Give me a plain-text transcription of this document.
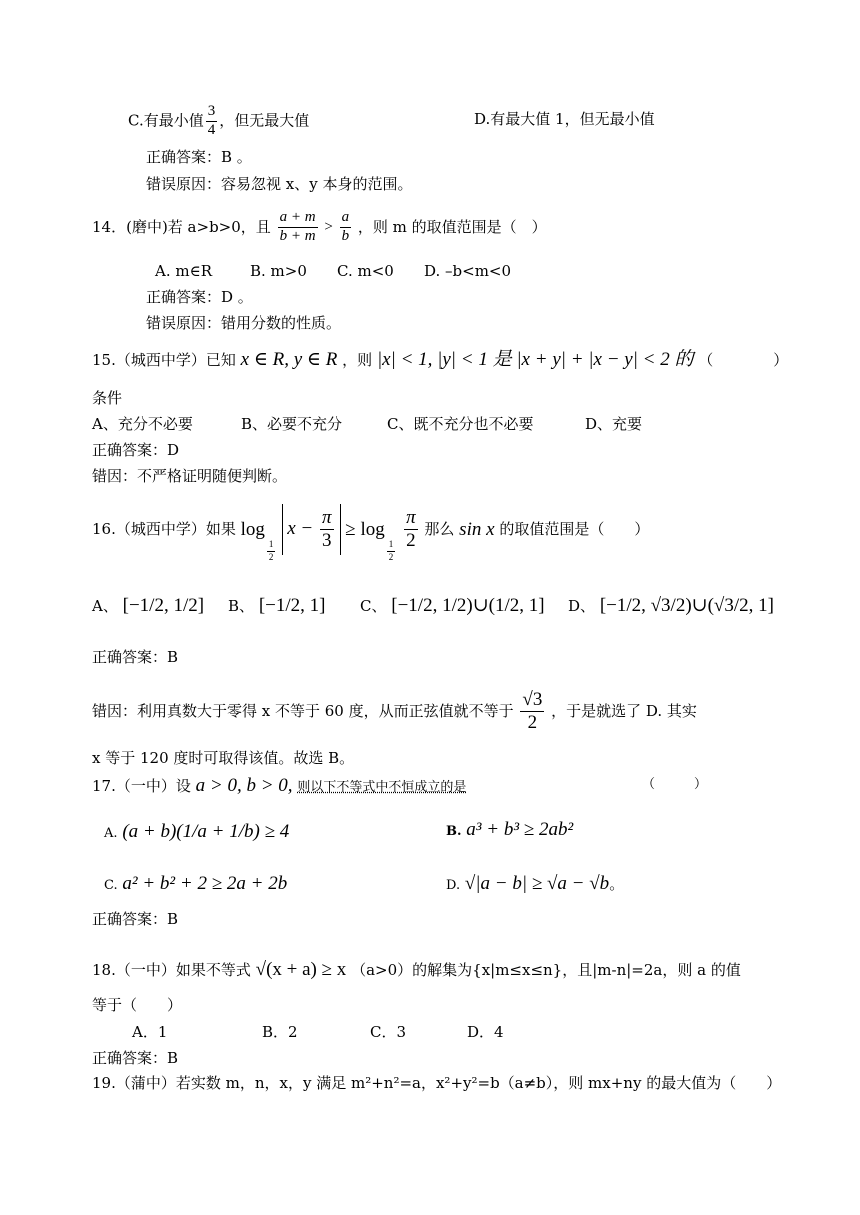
C.有最小值 $\frac{3}{4}$ ，但无最大值	D.有最大值 1，但无最小值
正确答案：B 。
错误原因：容易忽视 x、y 本身的范围。
14．(磨中)若 a>b>0，且 $\frac{a + m}{b + m} > \frac{a}{b}$ ，则 m 的取值范围是（　）
A. m∈R	B. m>0 C. m<0 D. –b<m<0
正确答案：D 。
错误原因：错用分数的性质。
15.（城西中学）已知 x ∈ R, y ∈ R ，则 |x| < 1, |y| < 1 是 |x + y| + |x − y| < 2 的 （　　　　）
条件
A、充分不必要	B、必要不充分	C、既不充分也不必要	D、充要
正确答案：D
错因：不严格证明随便判断。
16.（城西中学）如果 log
$\frac{1}{2}$
$x - \frac{\pi}{3} \ge \log$
$\frac{1}{2}$

$\frac{\pi}{2}$ 那么 sin x 的取值范围是（　　）
A、 [−1/2, 1/2] B、 [−1/2, 1] C、 [−1/2, 1/2)∪(1/2, 1] D、 [−1/2, √3/2)∪(√3/2, 1]
正确答案：B
错因：利用真数大于零得 x 不等于 60 度，从而正弦值就不等于 $\frac{√3}{2}$ ，于是就选了 D. 其实
x 等于 120 度时可取得该值。故选 B。
17.（一中）设 a > 0, b > 0, 则以下不等式中不恒成立的是	（　　　）
A. (a + b)(1/a + 1/b) ≥ 4	B. a³ + b³ ≥ 2ab²
C. a² + b² + 2 ≥ 2a + 2b	D. √|a − b| ≥ √a − √b。
正确答案：B
18.（一中）如果不等式 √(x + a) ≥ x （a>0）的解集为{x|m≤x≤n}，且|m-n|=2a，则 a 的值
等于（　　）
A．1	B．2	C．3	D．4
正确答案：B
19.（蒲中）若实数 m，n，x，y 满足 m²+n²=a，x²+y²=b（a≠b），则 mx+ny 的最大值为（　　）
